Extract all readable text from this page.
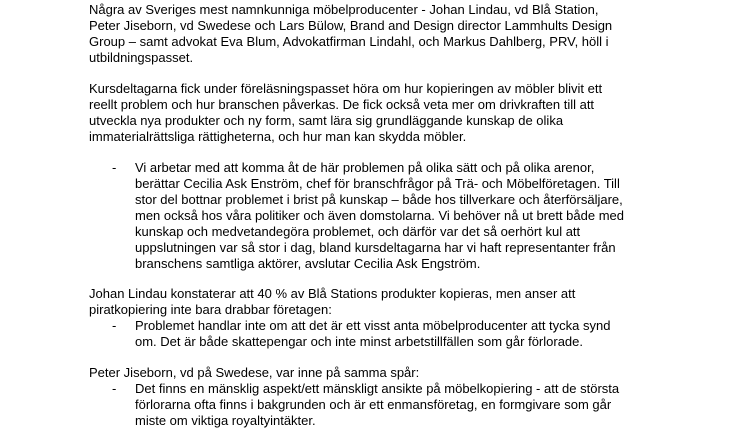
Några av Sveriges mest namnkunniga möbelproducenter - Johan Lindau, vd Blå Station,
Peter Jiseborn, vd Swedese och Lars Bülow, Brand and Design director Lammhults Design
Group – samt advokat Eva Blum, Advokatfirman Lindahl, och Markus Dahlberg, PRV, höll i
utbildningspasset.
Kursdeltagarna fick under föreläsningspasset höra om hur kopieringen av möbler blivit ett
reellt problem och hur branschen påverkas. De fick också veta mer om drivkraften till att
utveckla nya produkter och ny form, samt lära sig grundläggande kunskap de olika
immaterialrättsliga rättigheterna, och hur man kan skydda möbler.
- Vi arbetar med att komma åt de här problemen på olika sätt och på olika arenor,
berättar Cecilia Ask Enström, chef för branschfrågor på Trä- och Möbelföretagen. Till
stor del bottnar problemet i brist på kunskap – både hos tillverkare och återförsäljare,
men också hos våra politiker och även domstolarna. Vi behöver nå ut brett både med
kunskap och medvetandegöra problemet, och därför var det så oerhört kul att
uppslutningen var så stor i dag, bland kursdeltagarna har vi haft representanter från
branschens samtliga aktörer, avslutar Cecilia Ask Engström.
Johan Lindau konstaterar att 40 % av Blå Stations produkter kopieras, men anser att
piratkopiering inte bara drabbar företagen:
- Problemet handlar inte om att det är ett visst anta möbelproducenter att tycka synd
om. Det är både skattepengar och inte minst arbetstillfällen som går förlorade.
Peter Jiseborn, vd på Swedese, var inne på samma spår:
- Det finns en mänsklig aspekt/ett mänskligt ansikte på möbelkopiering - att de största
förlorarna ofta finns i bakgrunden och är ett enmansföretag, en formgivare som går
miste om viktiga royaltyintäkter.
